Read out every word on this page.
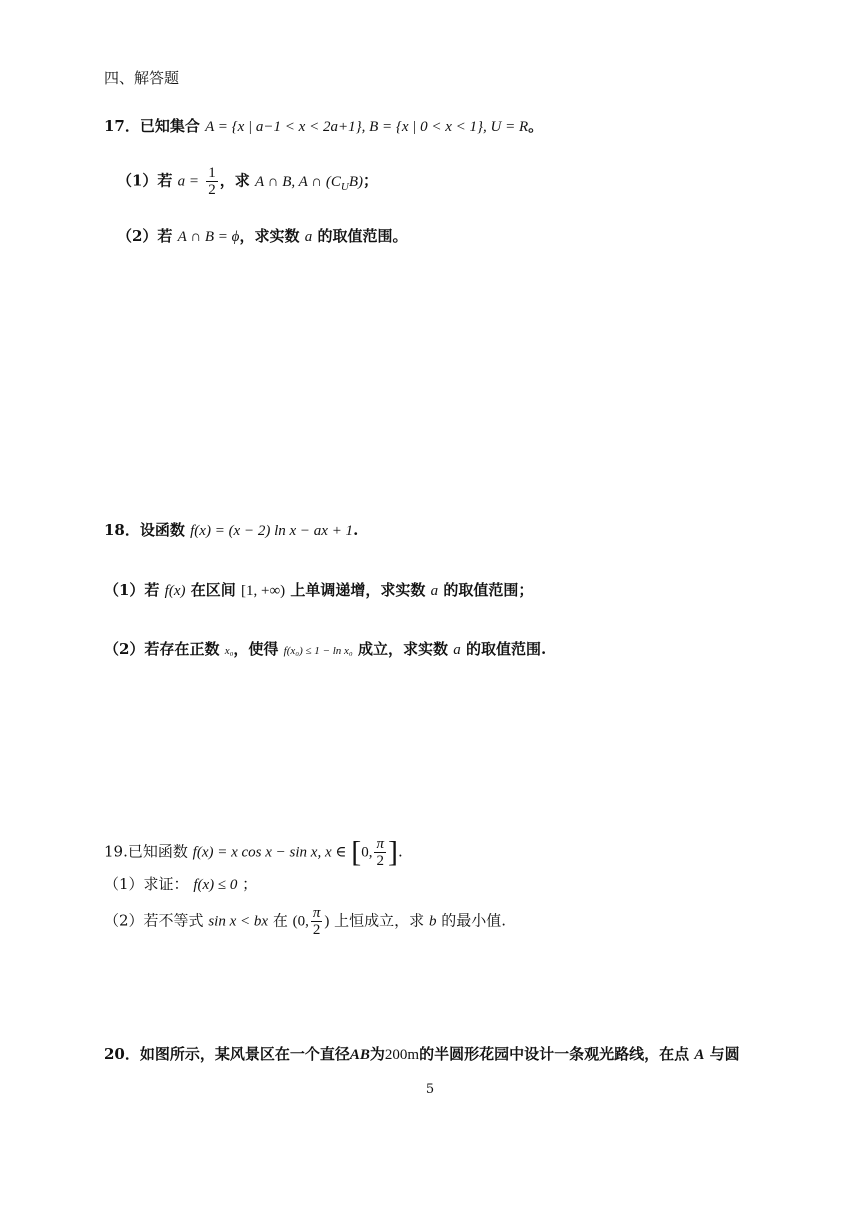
四、解答题
17．已知集合 A = {x | a−1 < x < 2a+1}, B = {x | 0 < x < 1}, U = R。
（1）若 $a = \frac{1}{2}$ ，求 A ∩ B, A ∩ $(C_UB)$；
（2）若 A ∩ B = ϕ，求实数 a 的取值范围。
18．设函数 f(x) = (x − 2) ln x − ax + 1.
（1）若 f(x) 在区间 [1, +∞) 上单调递增，求实数 a 的取值范围；
（2）若存在正数 x₀，使得 f(x₀) ≤ 1 − ln x₀ 成立，求实数 a 的取值范围.
19.已知函数 f(x) = x cos x − sin x, x ∈ [0, $\frac{\pi}{2}$ ].
（1）求证： f(x) ≤ 0 ；
（2）若不等式 sin x < bx 在 (0, $\frac{\pi}{2}$ ) 上恒成立，求 b 的最小值.
20．如图所示，某风景区在一个直径AB为200m的半圆形花园中设计一条观光路线，在点 A 与圆
5
